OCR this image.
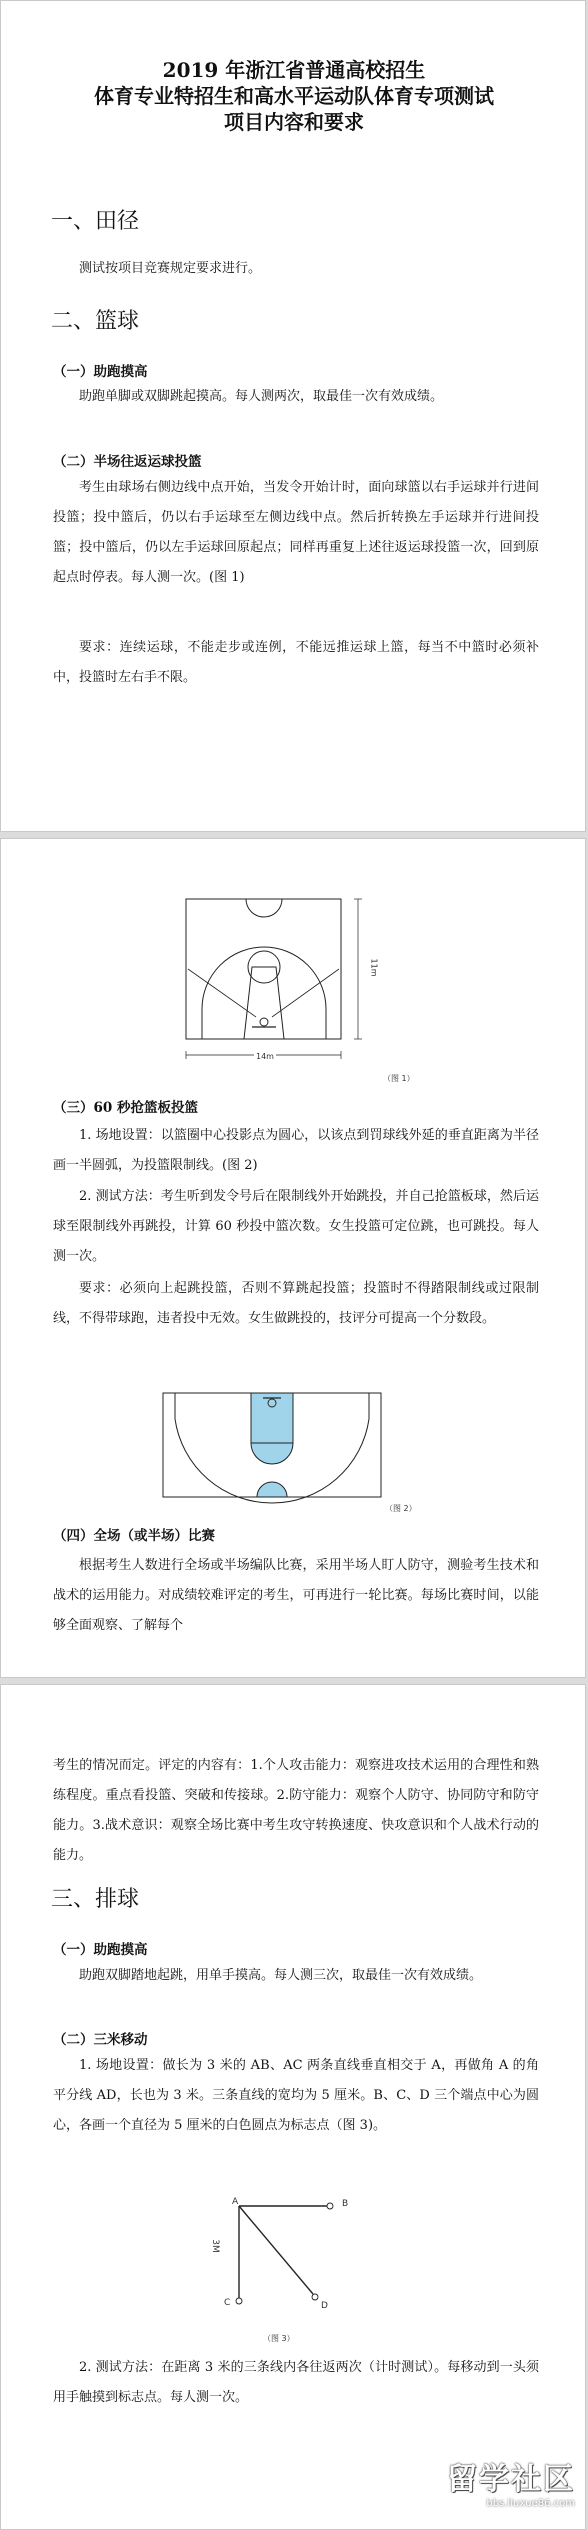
2019 年浙江省普通高校招生
体育专业特招生和高水平运动队体育专项测试
项目内容和要求
一、田径
测试按项目竞赛规定要求进行。
二、篮球
（一）助跑摸高
助跑单脚或双脚跳起摸高。每人测两次，取最佳一次有效成绩。
（二）半场往返运球投篮
考生由球场右侧边线中点开始，当发令开始计时，面向球篮以右手运球并行进间投篮；投中篮后，仍以右手运球至左侧边线中点。然后折转换左手运球并行进间投篮；投中篮后，仍以左手运球回原起点；同样再重复上述往返运球投篮一次，回到原起点时停表。每人测一次。(图 1)
要求：连续运球，不能走步或连例，不能远推运球上篮，每当不中篮时必须补中，投篮时左右手不限。
14m
11m
（图 1）
（三）60 秒抢篮板投篮
1. 场地设置：以篮圈中心投影点为圆心，以该点到罚球线外延的垂直距离为半径画一半圆弧，为投篮限制线。(图 2)
2. 测试方法：考生听到发令号后在限制线外开始跳投，并自己抢篮板球，然后运球至限制线外再跳投，计算 60 秒投中篮次数。女生投篮可定位跳，也可跳投。每人测一次。
要求：必须向上起跳投篮，否则不算跳起投篮；投篮时不得踏限制线或过限制线，不得带球跑，违者投中无效。女生做跳投的，技评分可提高一个分数段。
（图 2）
（四）全场（或半场）比赛
根据考生人数进行全场或半场编队比赛，采用半场人盯人防守，测验考生技术和战术的运用能力。对成绩较难评定的考生，可再进行一轮比赛。每场比赛时间，以能够全面观察、了解每个
考生的情况而定。评定的内容有：1.个人攻击能力：观察进攻技术运用的合理性和熟练程度。重点看投篮、突破和传接球。2.防守能力：观察个人防守、协同防守和防守能力。3.战术意识：观察全场比赛中考生攻守转换速度、快攻意识和个人战术行动的能力。
三、排球
（一）助跑摸高
助跑双脚踏地起跳，用单手摸高。每人测三次，取最佳一次有效成绩。
（二）三米移动
1. 场地设置：做长为 3 米的 AB、AC 两条直线垂直相交于 A，再做角 A 的角平分线 AD，长也为 3 米。三条直线的宽均为 5 厘米。B、C、D 三个端点中心为圆心，各画一个直径为 5 厘米的白色圆点为标志点（图 3)。
A	B
C	D
3M
（图 3）
2. 测试方法：在距离 3 米的三条线内各往返两次（计时测试）。每移动到一头须用手触摸到标志点。每人测一次。
留学社区
bbs.liuxue86.com
